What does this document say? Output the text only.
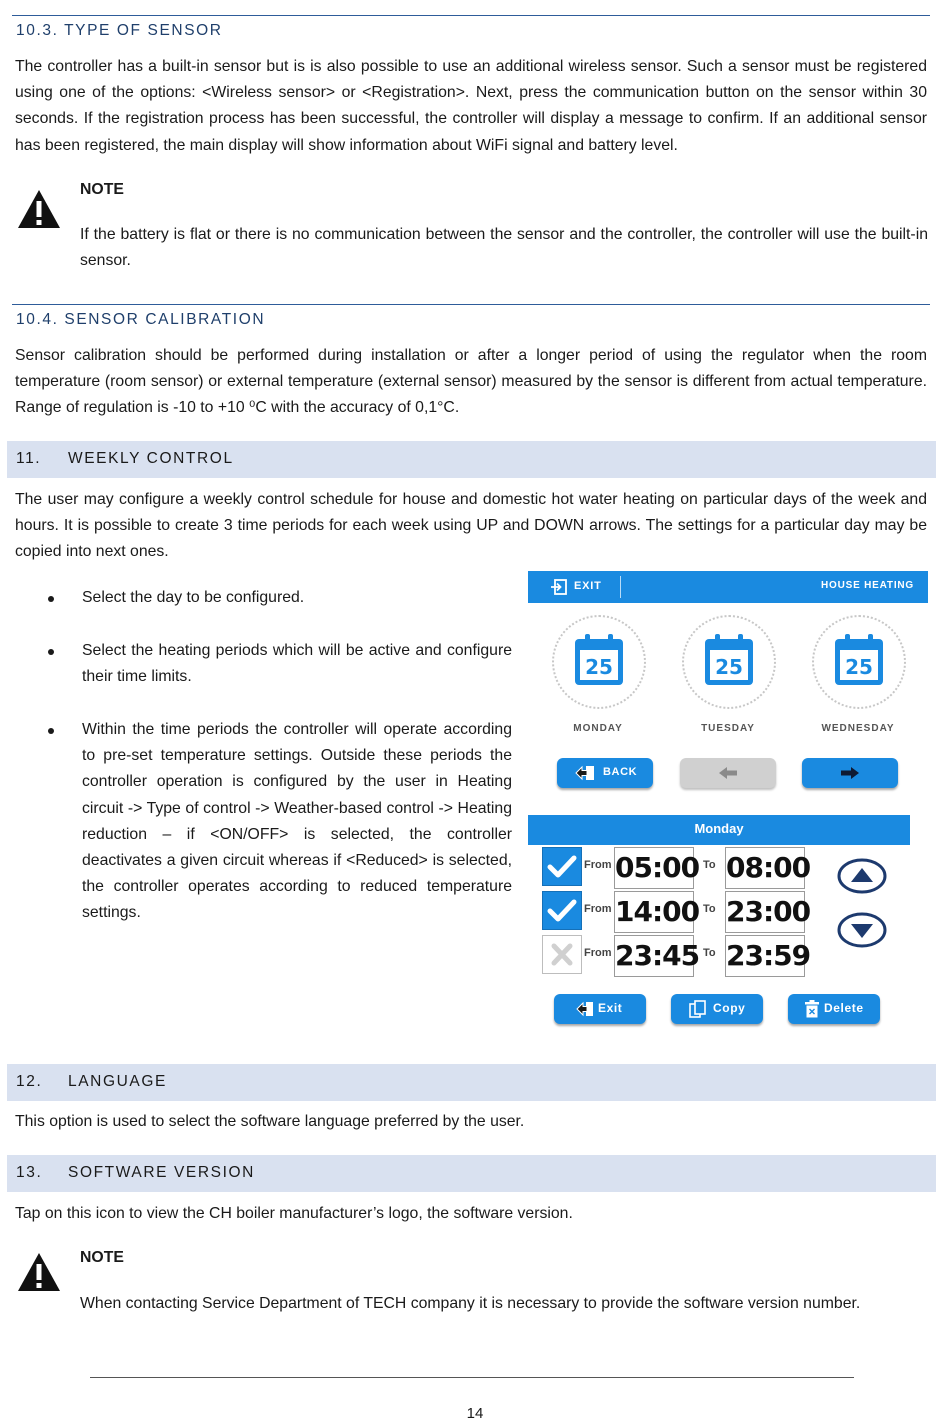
10.3. TYPE OF SENSOR
The controller has a built-in sensor but is is also possible to use an additional wireless sensor. Such a sensor must be registered using one of the options: <Wireless sensor> or <Registration>. Next, press the communication button on the sensor within 30 seconds. If the registration process has been successful, the controller will display a message to confirm. If an additional sensor has been registered, the main display will show information about WiFi signal and battery level.
NOTE
If the battery is flat or there is no communication between the sensor and the controller, the controller will use the built-in sensor.
10.4. SENSOR CALIBRATION
Sensor calibration should be performed during installation or after a longer period of using the regulator when the room temperature (room sensor) or external temperature (external sensor) measured by the sensor is different from actual temperature. Range of regulation is -10 to +10 ⁰C with the accuracy of 0,1°C.
11. WEEKLY CONTROL
The user may configure a weekly control schedule for house and domestic hot water heating on particular days of the week and hours. It is possible to create 3 time periods for each week using UP and DOWN arrows. The settings for a particular day may be copied into next ones.
Select the day to be configured.
Select the heating periods which will be active and configure their time limits.
Within the time periods the controller will operate according to pre-set temperature settings. Outside these periods the controller operation is configured by the user in Heating circuit -> Type of control -> Weather-based control -> Heating reduction – if <ON/OFF> is selected, the controller deactivates a given circuit whereas if <Reduced> is selected, the controller operates according to reduced temperature settings.
EXIT	HOUSE HEATING
25
MONDAY
25
TUESDAY
25
WEDNESDAY
BACK
Monday
From 05:00 To 08:00
From 14:00 To 23:00
From 23:45 To 23:59
Exit	Copy	Delete
12. LANGUAGE
This option is used to select the software language preferred by the user.
13. SOFTWARE VERSION
Tap on this icon to view the CH boiler manufacturer’s logo, the software version.
NOTE
When contacting Service Department of TECH company it is necessary to provide the software version number.
14
